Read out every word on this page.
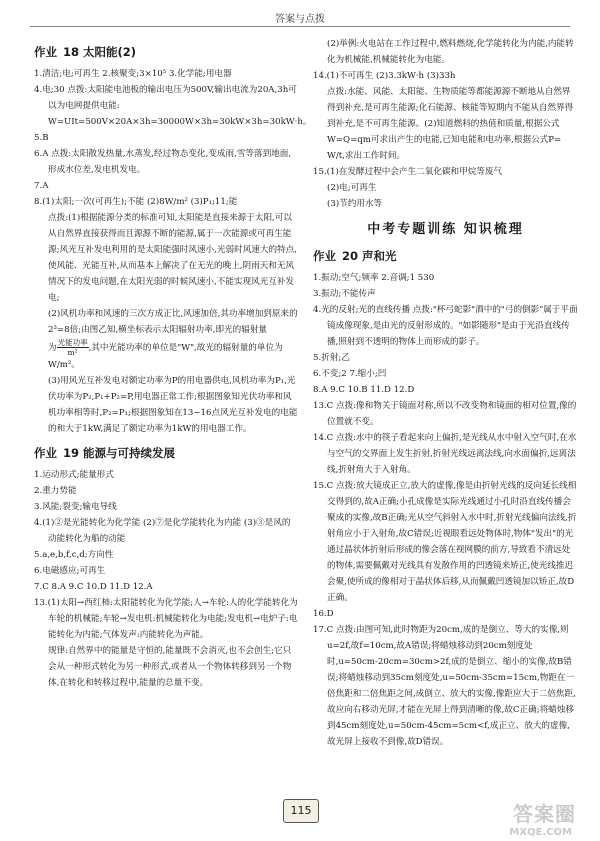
答案与点拨
作业 18 太阳能(2)

1.清洁;电;可再生 2.核聚变;3×10⁵ 3.化学能;用电器

4.电;30 点拨:太阳能电池板的输出电压为500V,输出电流为20A,3h可以为电网提供电能:

W=UIt=500V×20A×3h=30000W×3h=30kW×3h=30kW·h。

5.B

6.A 点拨:太阳散发热量,水蒸发,经过物态变化,变成雨,雪等落到地面,形成水位差,发电机发电。

7.A

8.(1)太阳;一次(可再生);不能 (2)8W/m² (3)P₁;11;能

点拨:(1)根据能源分类的标准可知,太阳能是直接来源于太阳,可以从自然界直接获得而且源源不断的能源,属于一次能源或可再生能源;风光互补发电利用的是太阳能强时风速小,光弱时风速大的特点,使风能、光能互补,从而基本上解决了在无光的晚上,阴雨天和无风情况下的发电问题,在太阳光弱的时候风速小,不能实现风光互补发电;

(2)风机功率和风速的三次方成正比,风速加倍,其功率增加到原来的2³=8倍;由图乙知,横坐标表示太阳辐射功率,即光的辐射量

为 $\frac{\text{光能功率}}{\text{m²}}$ ,其中光能功率的单位是"W",故光的辐射量的单位为

W/m²。

(3)用风光互补发电对额定功率为P的用电器供电,风机功率为P₁,光伏功率为P₂,P₁+P₂=P,用电器正常工作;根据图象知光伏功率和风机功率相等时,P₂=P₁;根据图象知在13~16点风光互补发电的电能的和大于1kW,满足了额定功率为1kW的用电器工作。

作业 19 能源与可持续发展

1.运动形式;能量形式

2.重力势能

3.风能;裂变;输电导线

4.(1)②是光能转化为化学能 (2)⑦是化学能转化为内能 (3)③是风的动能转化为船的动能

5.a,e,b,f,c,d;方向性

6.电磁感应;可再生

7.C 8.A 9.C 10.D 11.D 12.A

13.(1)太阳→西红柿:太阳能转化为化学能;人→车轮:人的化学能转化为车轮的机械能;车轮→发电机:机械能转化为电能;发电机→电炉子:电能转化为内能;气体发声:内能转化为声能。

规律:自然界中的能量是守恒的,能量既不会消灭,也不会创生;它只会从一种形式转化为另一种形式,或者从一个物体转移到另一个物体,在转化和转移过程中,能量的总量不变。

(2)举例:火电站在工作过程中,燃料燃烧,化学能转化为内能,内能转化为机械能,机械能转化为电能。

14.(1)不可再生 (2)3.3kW·h (3)33h

点拨:水能、风能、太阳能、生物质能等都能源源不断地从自然界得到补充,是可再生能源;化石能源、核能等短期内不能从自然界得到补充,是不可再生能源。(2)知道燃料的热值和质量,根据公式W=Q=qm可求出产生的电能,已知电能和电功率,根据公式P=

W/t,求出工作时间。

15.(1)在发酵过程中会产生二氧化碳和甲烷等废气

(2)电;可再生

(3)节约用水等

中考专题训练 知识梳理
作业 20 声和光

1.振动;空气;频率 2.音调;1 530

3.振动;不能传声

4.光的反射;光的直线传播 点拨:"杯弓蛇影"酒中的"弓的倒影"属于平面镜成像现象,是由光的反射形成的。"如影随形"是由于光沿直线传播,照射到不透明的物体上而形成的影子。

5.折射;乙

6.不变;2 7.缩小;凹

8.A 9.C 10.B 11.D 12.D

13.C 点拨:像和物关于镜面对称,所以不改变物和镜面的相对位置,像的位置就不变。

14.C 点拨:水中的筷子看起来向上偏折,是光线从水中射入空气时,在水与空气的交界面上发生折射,折射光线远离法线,向水面偏折,远离法线,折射角大于入射角。

15.C 点拨:放大镜成正立,放大的虚像,像是由折射光线的反向延长线相交得到的,故A正确;小孔成像是实际光线通过小孔时沿直线传播会聚成的实像,故B正确;光从空气斜射入水中时,折射光线偏向法线,折射角应小于入射角,故C错误;近视眼看远处物体时,物体"发出"的光通过晶状体折射后形成的像会落在视网膜的前方,导致看不清远处的物体,需要佩戴对光线具有发散作用的凹透镜来矫正,使光线推迟会聚,使所成的像相对于晶状体后移,从而佩戴凹透镜加以矫正,故D正确。

16.D

17.C 点拨:由图可知,此时物距为20cm,成的是倒立、等大的实像,则u=2f,故f=10cm,故A错误;将蜡烛移动到20cm刻度处时,u=50cm-20cm=30cm>2f,成的是倒立、缩小的实像,故B错误;将蜡烛移动到35cm刻度处,u=50cm-35cm=15cm,物距在一倍焦距和二倍焦距之间,成倒立、放大的实像,像距应大于二倍焦距,故应向右移动光屏,才能在光屏上得到清晰的像,故C正确;将蜡烛移到45cm刻度处,u=50cm-45cm=5cm<f,成正立、放大的虚像,故光屏上接收不到像,故D错误。

115	答案圈
MXQE.COM
